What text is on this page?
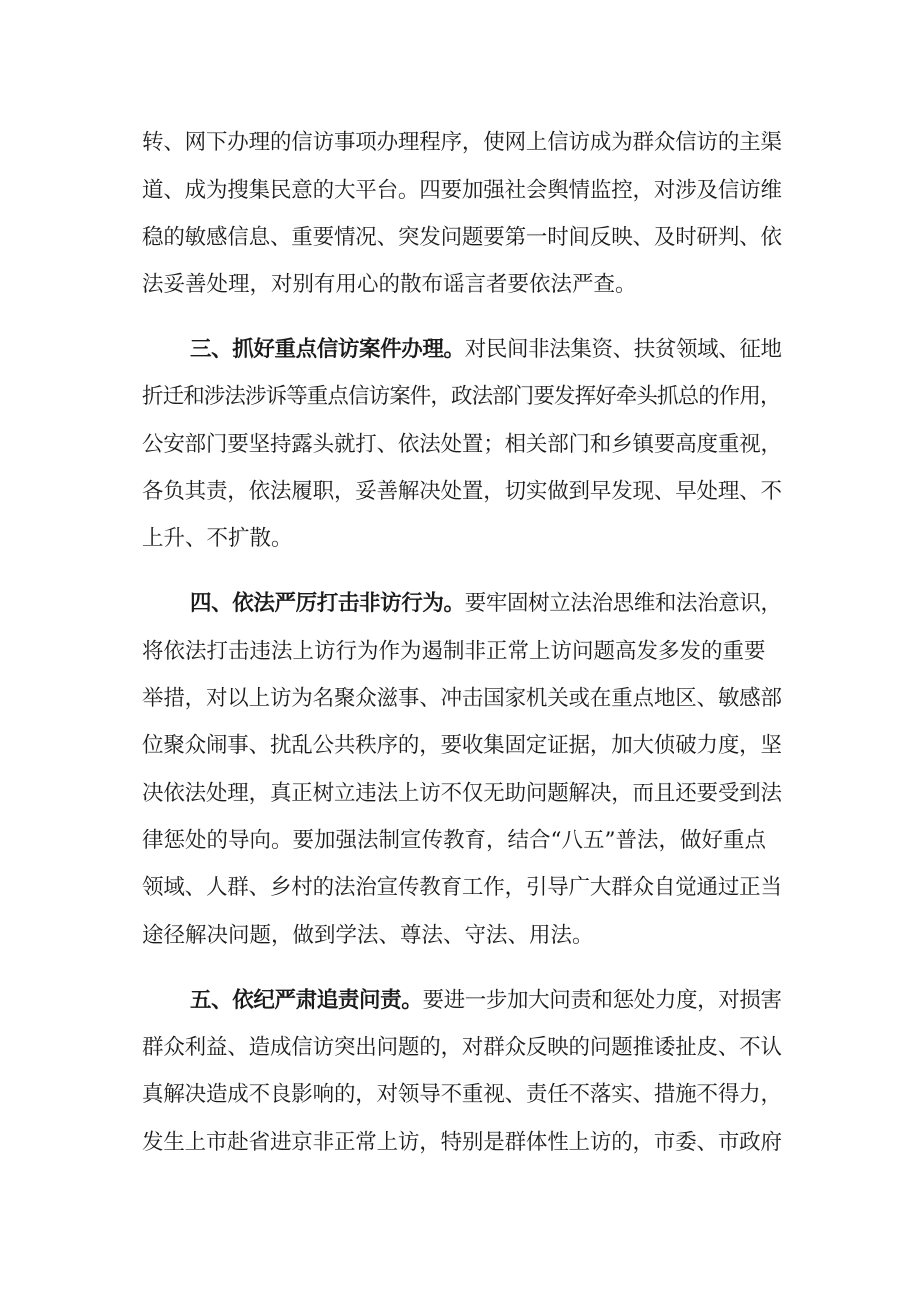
转、网下办理的信访事项办理程序，使网上信访成为群众信访的主渠
道、成为搜集民意的大平台。四要加强社会舆情监控，对涉及信访维
稳的敏感信息、重要情况、突发问题要第一时间反映、及时研判、依
法妥善处理，对别有用心的散布谣言者要依法严查。
三、抓好重点信访案件办理。对民间非法集资、扶贫领域、征地
折迁和涉法涉诉等重点信访案件，政法部门要发挥好牵头抓总的作用，
公安部门要坚持露头就打、依法处置；相关部门和乡镇要高度重视，
各负其责，依法履职，妥善解决处置，切实做到早发现、早处理、不
上升、不扩散。
四、依法严厉打击非访行为。要牢固树立法治思维和法治意识，
将依法打击违法上访行为作为遏制非正常上访问题高发多发的重要
举措，对以上访为名聚众滋事、冲击国家机关或在重点地区、敏感部
位聚众闹事、扰乱公共秩序的，要收集固定证据，加大侦破力度，坚
决依法处理，真正树立违法上访不仅无助问题解决，而且还要受到法
律惩处的导向。要加强法制宣传教育，结合“八五”普法，做好重点
领域、人群、乡村的法治宣传教育工作，引导广大群众自觉通过正当
途径解决问题，做到学法、尊法、守法、用法。
五、依纪严肃追责问责。要进一步加大问责和惩处力度，对损害
群众利益、造成信访突出问题的，对群众反映的问题推诿扯皮、不认
真解决造成不良影响的，对领导不重视、责任不落实、措施不得力，
发生上市赴省进京非正常上访，特别是群体性上访的，市委、市政府
